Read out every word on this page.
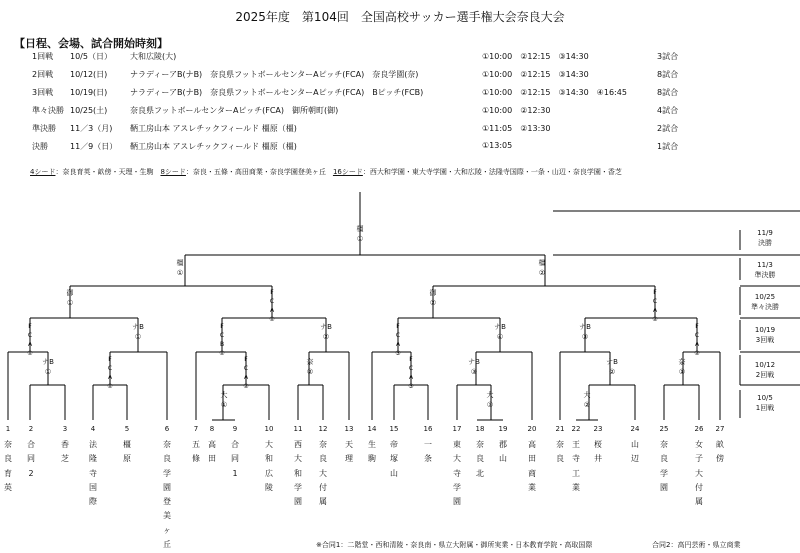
2025年度　第104回　全国高校サッカー選手権大会奈良大会
【日程、会場、試合開始時刻】
1回戦 10/5（日） 大和広陵(大)	①10:00　②12:15　③14:30	3試合
2回戦 10/12(日)	ナラディーアB(ナB)　奈良県フットボールセンターAピッチ(FCA)　奈良学園(奈)	①10:00　②12:15　③14:30	8試合
3回戦 10/19(日)	ナラディーアB(ナB)　奈良県フットボールセンターAピッチ(FCA)　Bピッチ(FCB)	①10:00　②12:15　③14:30　④16:45	8試合
準々決勝 10/25(土)	奈良県フットボールセンターAピッチ(FCA)　御所朝町(御)	①10:00　②12:30	4試合
準決勝 11／3（月) 鞆工房山本 アスレチックフィールド 橿原（橿)	①11:05　②13:30	2試合
決勝	11／9（日） 鞆工房山本 アスレチックフィールド 橿原（橿)	①13:05	1試合
4シード：奈良育英・畝傍・天理・生駒　8シード：奈良・五條・高田商業・奈良学園登美ヶ丘　16シード：西大和学園・東大寺学園・大和広陵・法隆寺国際・一条・山辺・奈良学園・香芝
橿
①
橿
①
橿
②
御
①
F
C
A
①
御
②
F
C
A
②
F
C
A
①
ナB
①
F
C
B
①
ナB
②
F
C
A
③
ナB
④
ナB
③
F
C
A
②
ナB
①
F
C
A
①
F
C
A
②
奈
②
F
C
A
③
ナB
③
ナB
②
奈
①
大
①
大
③
大
②
1
奈
良
育
英
2
合
同
2
3
香
芝
4
法
隆
寺
国
際
5
橿
原
6
奈
良
学
園
登
美
ヶ
丘
7
五
條
8
高
田
9
合
同
1
10
大
和
広
陵
11
西
大
和
学
園
12
奈
良
大
付
属
13
天
理
14
生
駒
15
帝
塚
山
16
一
条
17
東
大
寺
学
園
18
奈
良
北
19
郡
山
20
高
田
商
業
21
奈
良
22
王
寺
工
業
23
桜
井
24
山
辺
25
奈
良
学
園
26
女
子
大
付
属
27
畝
傍
11/9
決勝
11/3
準決勝
10/25
準々決勝
10/19
3回戦
10/12
2回戦
10/5
1回戦
※合同1：二階堂・西和清陵・奈良南・県立大附属・御所実業・日本教育学院・高取国際	合同2：高円芸術・県立商業
